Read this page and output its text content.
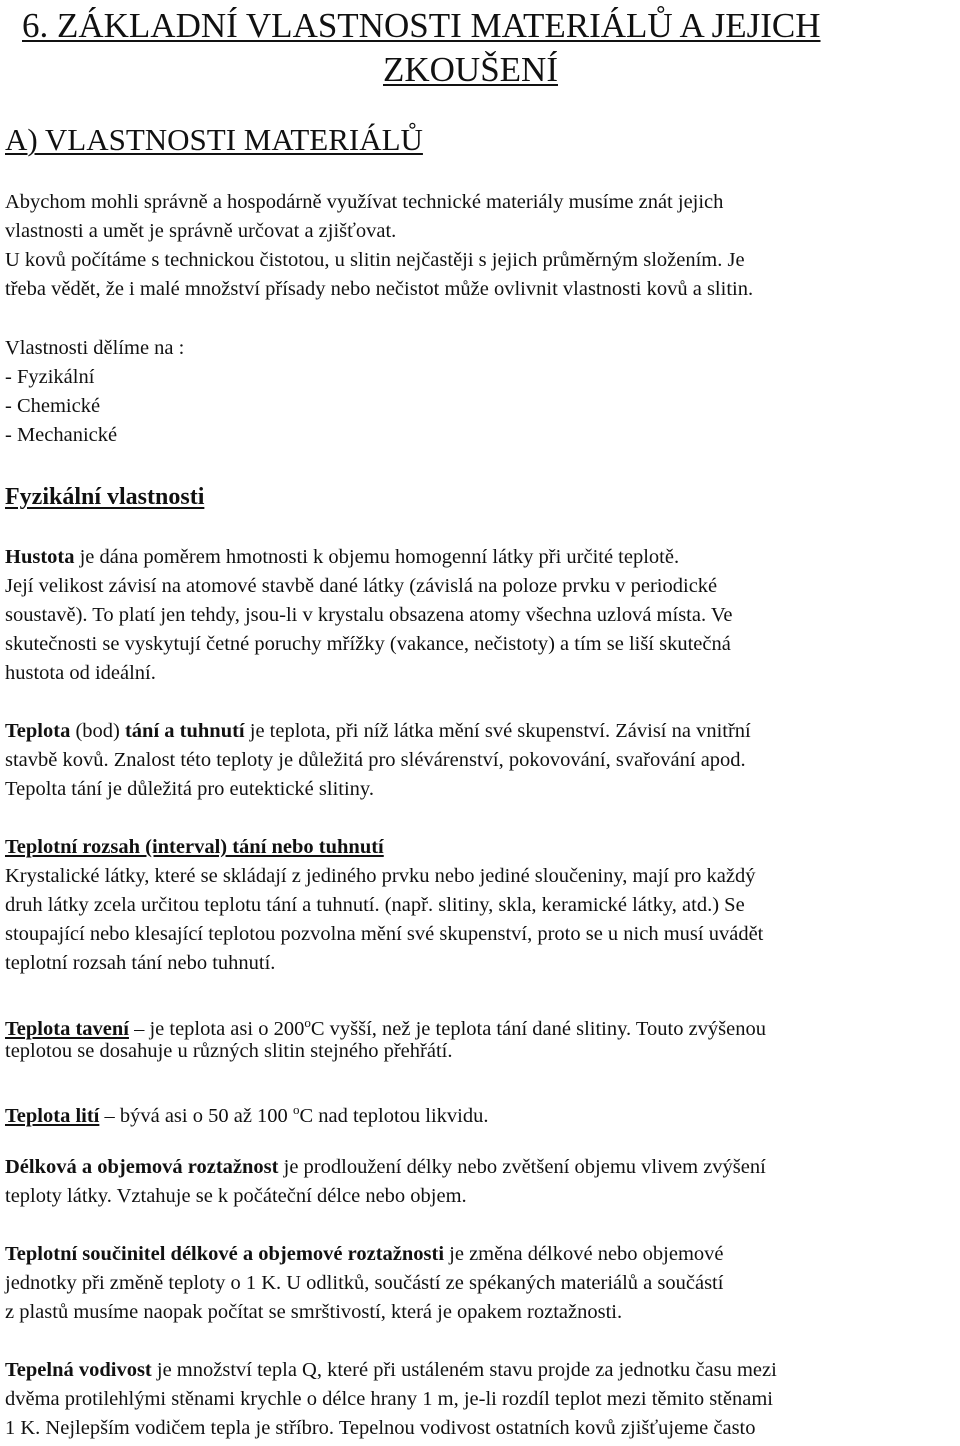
6. ZÁKLADNÍ VLASTNOSTI MATERIÁLŮ A JEJICH
ZKOUŠENÍ
A) VLASTNOSTI MATERIÁLŮ
Abychom mohli správně a hospodárně využívat technické materiály musíme znát jejich
vlastnosti a umět je správně určovat a zjišťovat.
U kovů počítáme s technickou čistotou, u slitin nejčastěji s jejich průměrným složením. Je
třeba vědět, že i malé množství přísady nebo nečistot může ovlivnit vlastnosti kovů a slitin.
Vlastnosti dělíme na :
- Fyzikální
- Chemické
- Mechanické
Fyzikální vlastnosti
Hustota je dána poměrem hmotnosti k objemu homogenní látky při určité teplotě.
Její velikost závisí na atomové stavbě dané látky (závislá na poloze prvku v periodické
soustavě). To platí jen tehdy, jsou-li v krystalu obsazena atomy všechna uzlová místa. Ve
skutečnosti se vyskytují četné poruchy mřížky (vakance, nečistoty) a tím se liší skutečná
hustota od ideální.
Teplota (bod) tání a tuhnutí je teplota, při níž látka mění své skupenství. Závisí na vnitřní
stavbě kovů. Znalost této teploty je důležitá pro slévárenství, pokovování, svařování apod.
Tepolta tání je důležitá pro eutektické slitiny.
Teplotní rozsah (interval) tání nebo tuhnutí
Krystalické látky, které se skládají z jediného prvku nebo jediné sloučeniny, mají pro každý
druh látky zcela určitou teplotu tání a tuhnutí. (např. slitiny, skla, keramické látky, atd.) Se
stoupající nebo klesající teplotou pozvolna mění své skupenství, proto se u nich musí uvádět
teplotní rozsah tání nebo tuhnutí.
Teplota tavení – je teplota asi o 200$^o$C vyšší, než je teplota tání dané slitiny. Touto zvýšenou
teplotou se dosahuje u různých slitin stejného přehřátí.
Teplota lití – bývá asi o 50 až 100 $^o$C nad teplotou likvidu.
Délková a objemová roztažnost je prodloužení délky nebo zvětšení objemu vlivem zvýšení
teploty látky. Vztahuje se k počáteční délce nebo objem.
Teplotní součinitel délkové a objemové roztažnosti je změna délkové nebo objemové
jednotky při změně teploty o 1 K. U odlitků, součástí ze spékaných materiálů a součástí
z plastů musíme naopak počítat se smrštivostí, která je opakem roztažnosti.
Tepelná vodivost je množství tepla Q, které při ustáleném stavu projde za jednotku času mezi
dvěma protilehlými stěnami krychle o délce hrany 1 m, je-li rozdíl teplot mezi těmito stěnami
1 K. Nejlepším vodičem tepla je stříbro. Tepelnou vodivost ostatních kovů zjišťujeme často
